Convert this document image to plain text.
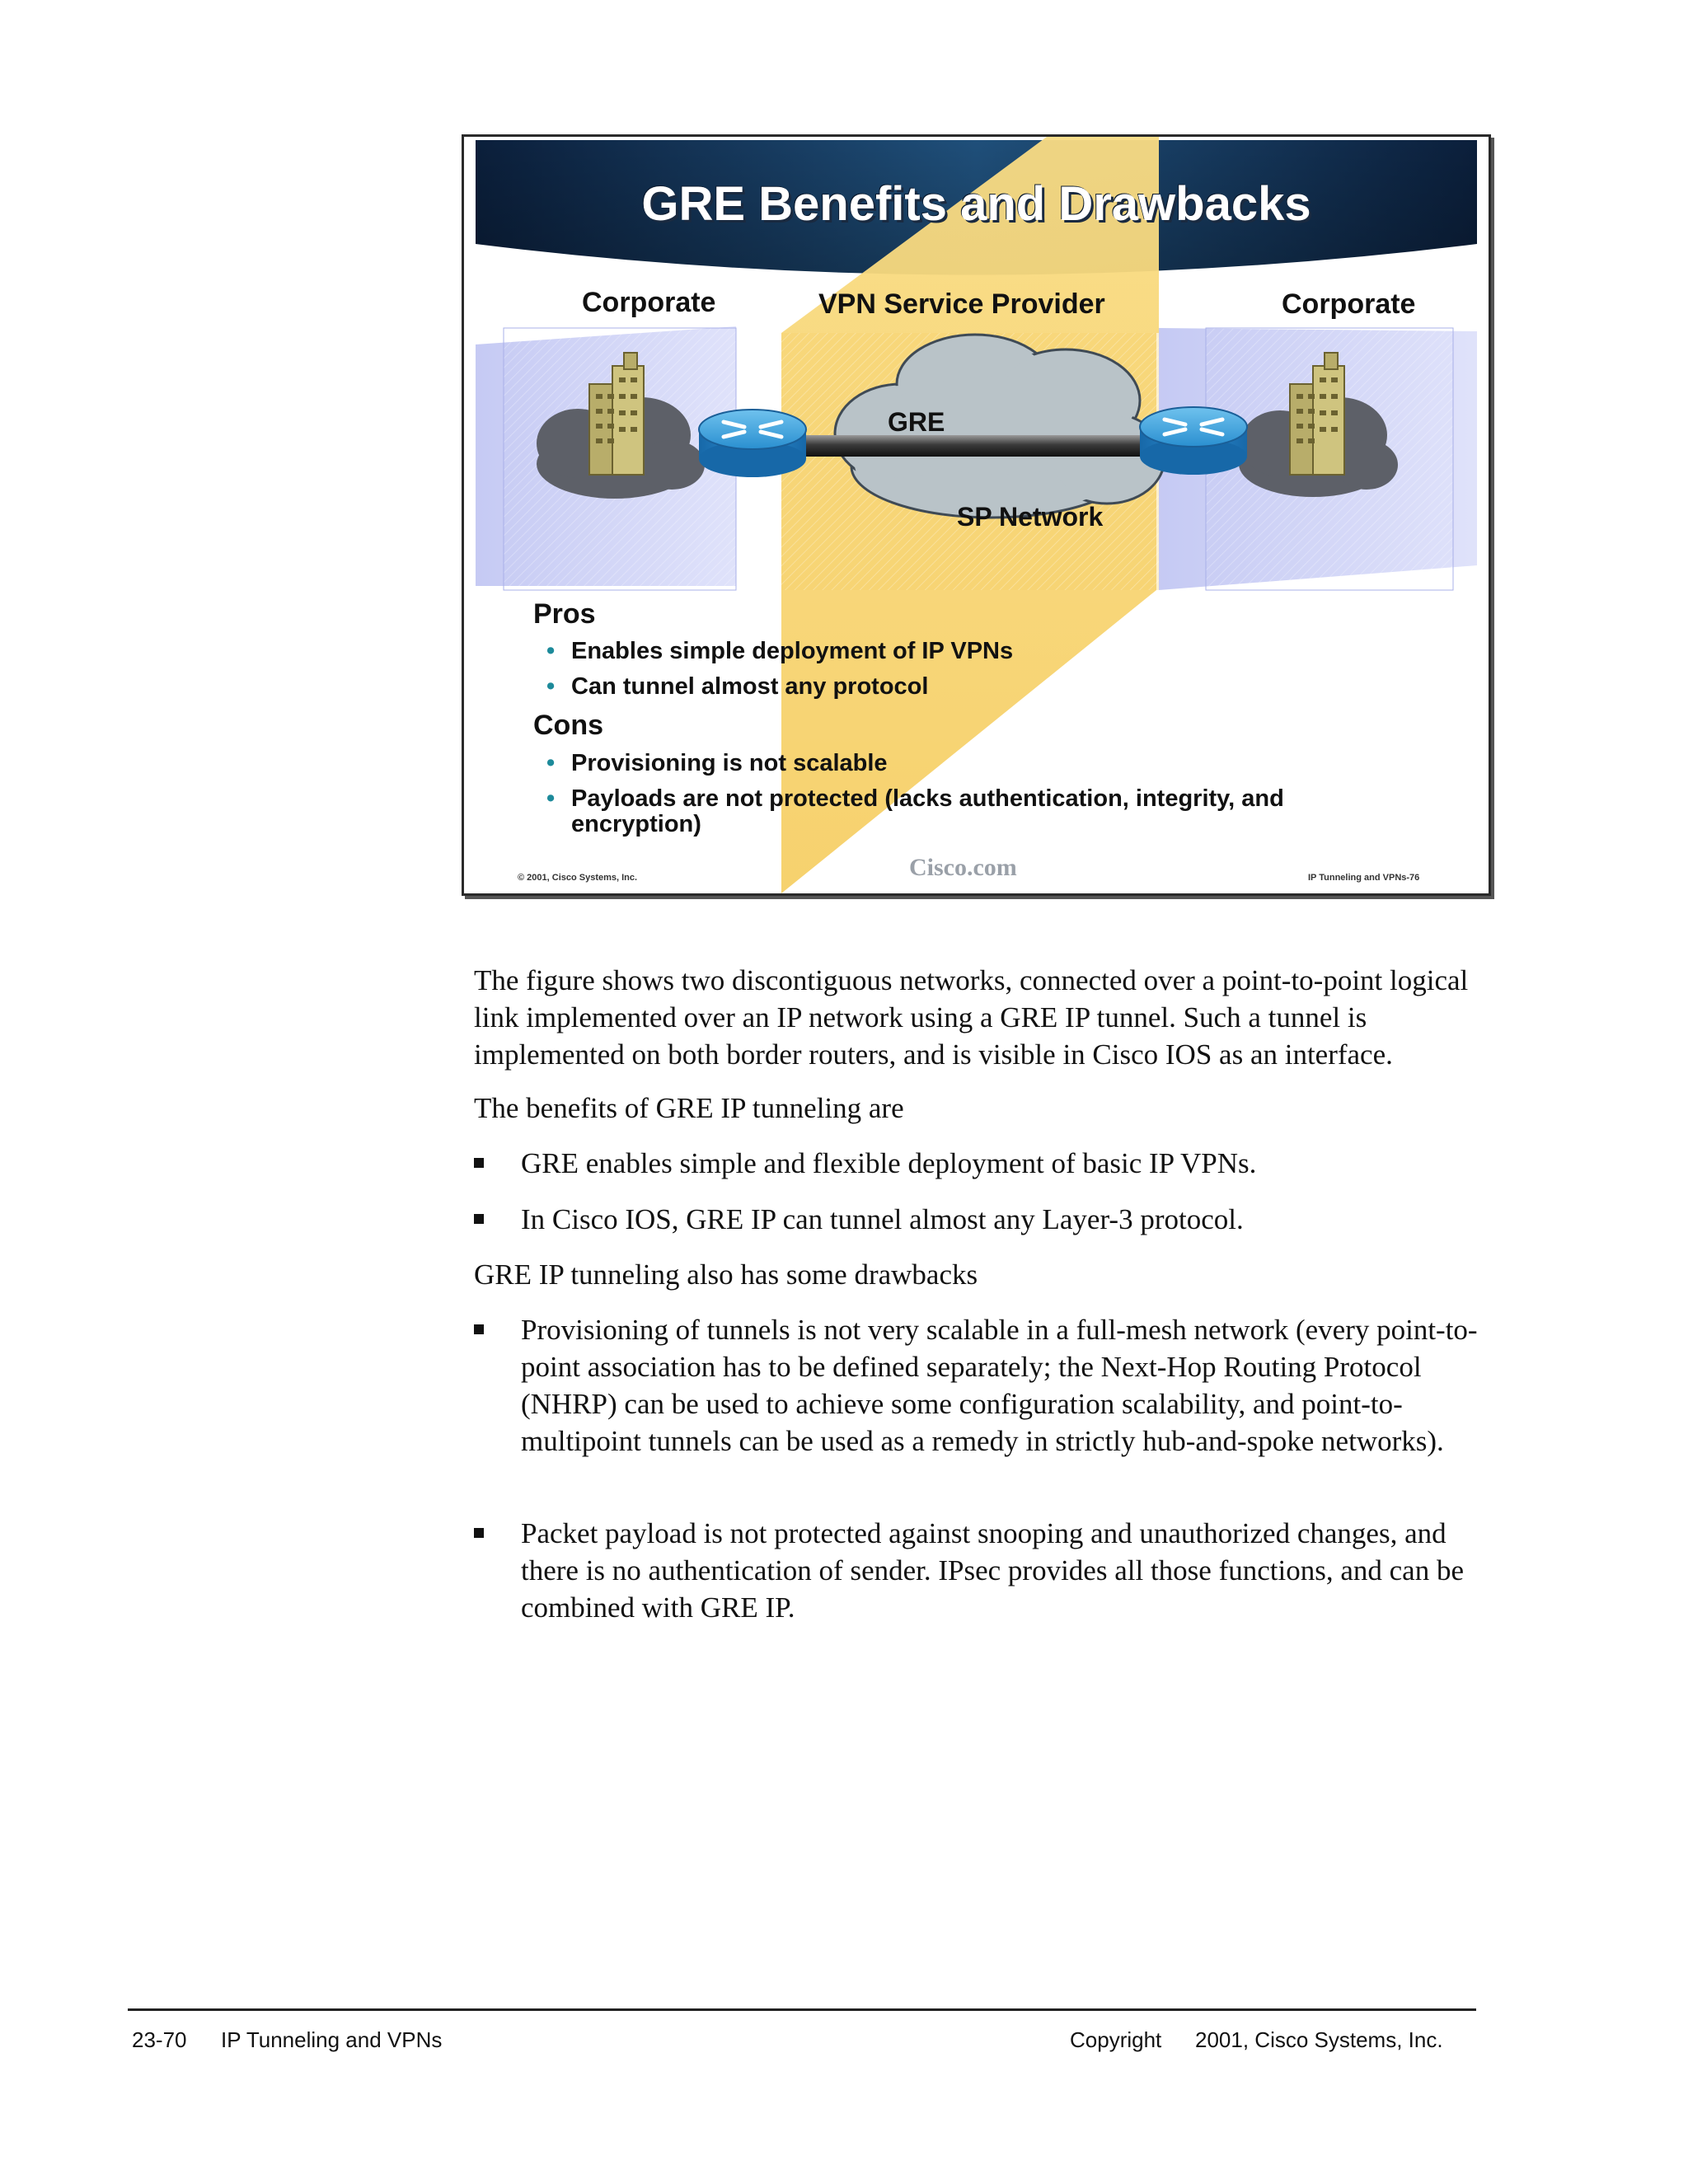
GRE Benefits and Drawbacks
Corporate	VPN Service Provider	Corporate
GRE
SP Network
Pros
• Enables simple deployment of IP VPNs
• Can tunnel almost any protocol
Cons
• Provisioning is not scalable
• Payloads are not protected (lacks authentication, integrity, and encryption)
© 2001, Cisco Systems, Inc.	Cisco.com	IP Tunneling and VPNs-76
The figure shows two discontiguous networks, connected over a point-to-point logical link implemented over an IP network using a GRE IP tunnel. Such a tunnel is implemented on both border routers, and is visible in Cisco IOS as an interface.
The benefits of GRE IP tunneling are
GRE enables simple and flexible deployment of basic IP VPNs.
In Cisco IOS, GRE IP can tunnel almost any Layer-3 protocol.
GRE IP tunneling also has some drawbacks
Provisioning of tunnels is not very scalable in a full-mesh network (every point-to-point association has to be defined separately; the Next-Hop Routing Protocol (NHRP) can be used to achieve some configuration scalability, and point-to-multipoint tunnels can be used as a remedy in strictly hub-and-spoke networks).
Packet payload is not protected against snooping and unauthorized changes, and there is no authentication of sender. IPsec provides all those functions, and can be combined with GRE IP.
23-70 IP Tunneling and VPNs	Copyright 2001, Cisco Systems, Inc.
